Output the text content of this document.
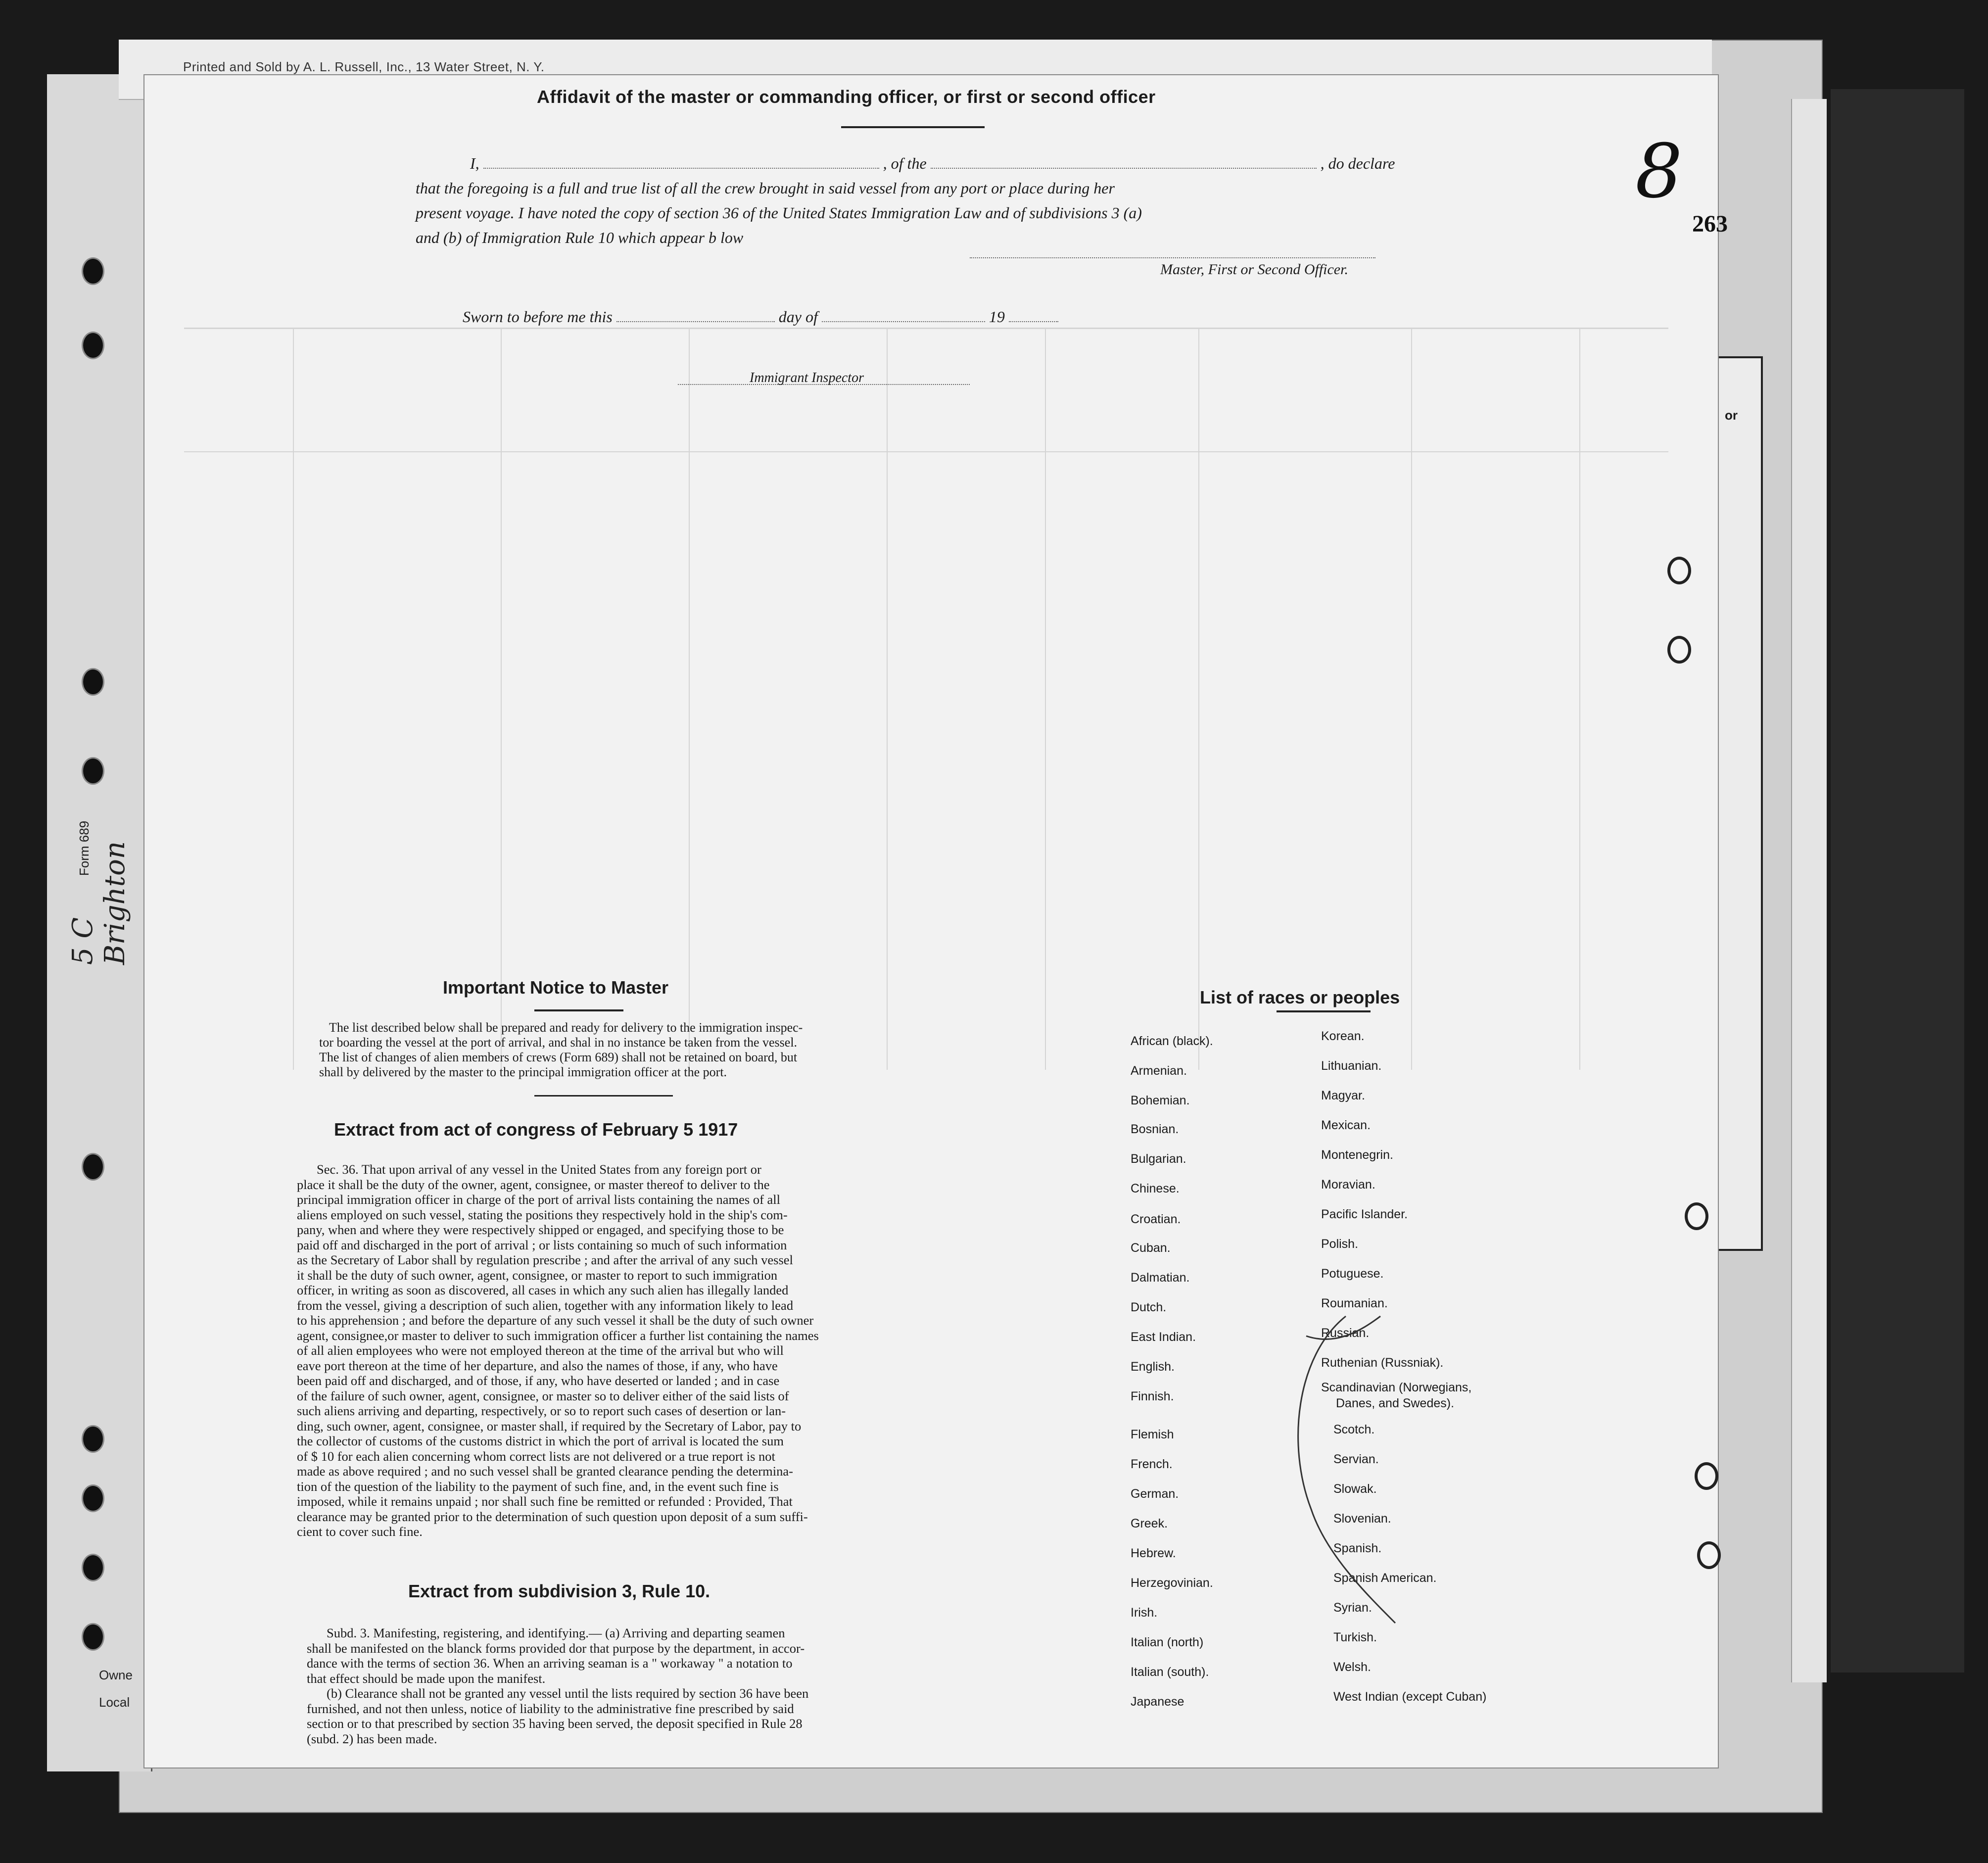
or
Form 689
5 C Brighton
Owne
Local
Printed and Sold by A. L. Russell, Inc., 13 Water Street, N. Y.
8
263
Affidavit of the master or commanding officer, or first or second officer
I,	, of the	, do declare
that the foregoing is a full and true list of all the crew brought in said vessel from any port or place during her
present voyage. I have noted the copy of section 36 of the United States Immigration Law and of subdivisions 3 (a)
and (b) of Immigration Rule 10 which appear b low
Master, First or Second Officer.
Sworn to before me this	day of	19
Immigrant Inspector
Important Notice to Master
The list described below shall be prepared and ready for delivery to the immigration inspec-
tor boarding the vessel at the port of arrival, and shal in no instance be taken from the vessel.
The list of changes of alien members of crews (Form 689) shall not be retained on board, but
shall by delivered by the master to the principal immigration officer at the port.
Extract from act of congress of February 5 1917
Sec. 36. That upon arrival of any vessel in the United States from any foreign port or
place it shall be the duty of the owner, agent, consignee, or master thereof to deliver to the
principal immigration officer in charge of the port of arrival lists containing the names of all
aliens employed on such vessel, stating the positions they respectively hold in the ship's com-
pany, when and where they were respectively shipped or engaged, and specifying those to be
paid off and discharged in the port of arrival ; or lists containing so much of such information
as the Secretary of Labor shall by regulation prescribe ; and after the arrival of any such vessel
it shall be the duty of such owner, agent, consignee, or master to report to such immigration
officer, in writing as soon as discovered, all cases in which any such alien has illegally landed
from the vessel, giving a description of such alien, together with any information likely to lead
to his apprehension ; and before the departure of any such vessel it shall be the duty of such owner
agent, consignee,or master to deliver to such immigration officer a further list containing the names
of all alien employees who were not employed thereon at the time of the arrival but who will
eave port thereon at the time of her departure, and also the names of those, if any, who have
been paid off and discharged, and of those, if any, who have deserted or landed ; and in case
of the failure of such owner, agent, consignee, or master so to deliver either of the said lists of
such aliens arriving and departing, respectively, or so to report such cases of desertion or lan-
ding, such owner, agent, consignee, or master shall, if required by the Secretary of Labor, pay to
the collector of customs of the customs district in which the port of arrival is located the sum
of $ 10 for each alien concerning whom correct lists are not delivered or a true report is not
made as above required ; and no such vessel shall be granted clearance pending the determina-
tion of the question of the liability to the payment of such fine, and, in the event such fine is
imposed, while it remains unpaid ; nor shall such fine be remitted or refunded : Provided, That
clearance may be granted prior to the determination of such question upon deposit of a sum suffi-
cient to cover such fine.
Extract from subdivision 3, Rule 10.
Subd. 3. Manifesting, registering, and identifying.— (a) Arriving and departing seamen
shall be manifested on the blanck forms provided dor that purpose by the department, in accor-
dance with the terms of section 36. When an arriving seaman is a " workaway " a notation to
that effect should be made upon the manifest.
(b) Clearance shall not be granted any vessel until the lists required by section 36 have been
furnished, and not then unless, notice of liability to the administrative fine prescribed by said
section or to that prescribed by section 35 having been served, the deposit specified in Rule 28
(subd. 2) has been made.
List of races or peoples
African (black).
Armenian.
Bohemian.
Bosnian.
Bulgarian.
Chinese.
Croatian.
Cuban.
Dalmatian.
Dutch.
East Indian.
English.
Finnish.
Flemish
French.
German.
Greek.
Hebrew.
Herzegovinian.
Irish.
Italian (north)
Italian (south).
Japanese
Korean.
Lithuanian.
Magyar.
Mexican.
Montenegrin.
Moravian.
Pacific Islander.
Polish.
Potuguese.
Roumanian.
Russian.
Ruthenian (Russniak).
Scandinavian (Norwegians,
Danes, and Swedes).
Scotch.
Servian.
Slowak.
Slovenian.
Spanish.
Spanish American.
Syrian.
Turkish.
Welsh.
West Indian (except Cuban)
